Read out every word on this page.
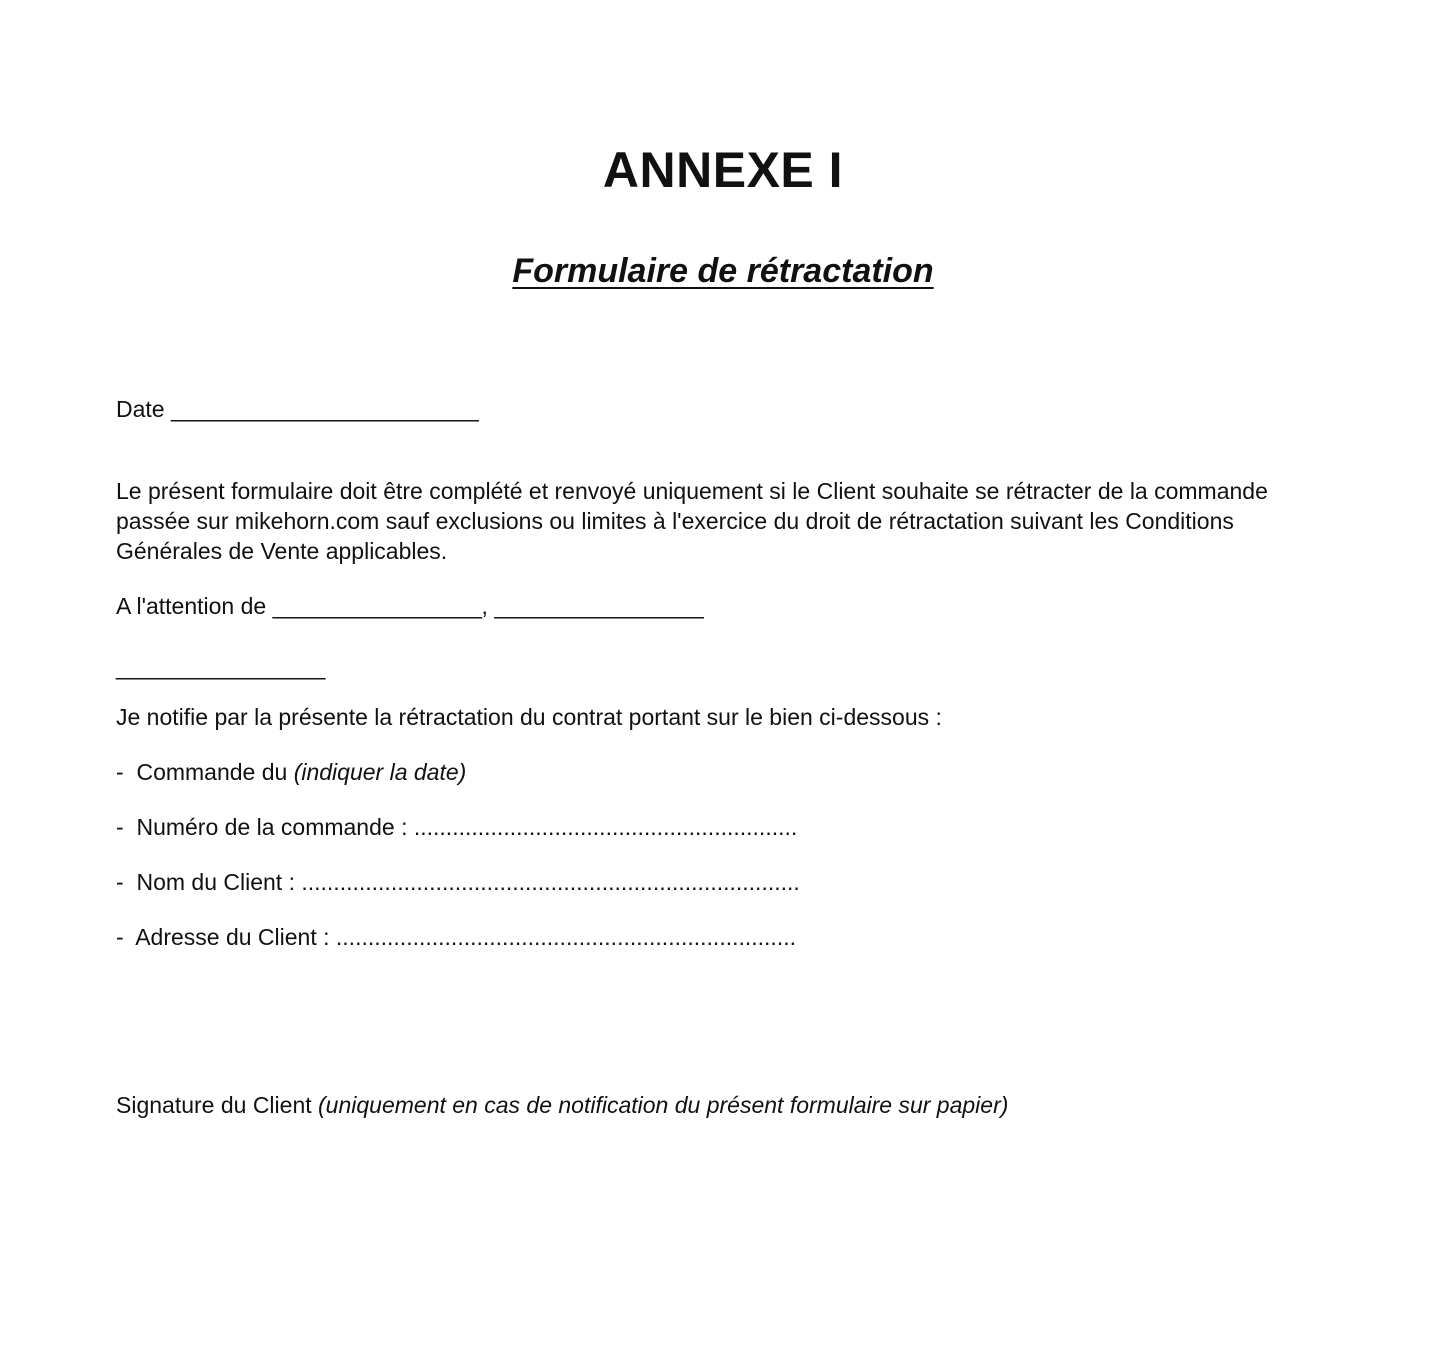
ANNEXE I
Formulaire de rétractation
Date _________________________
Le présent formulaire doit être complété et renvoyé uniquement si le Client souhaite se rétracter de la commande passée sur mikehorn.com sauf exclusions ou limites à l'exercice du droit de rétractation suivant les Conditions Générales de Vente applicables.
A l'attention de _________________, _________________
_________________
Je notifie par la présente la rétractation du contrat portant sur le bien ci-dessous :
- Commande du (indiquer la date)
- Numéro de la commande : ............................................................
- Nom du Client : ..............................................................................
- Adresse du Client : ........................................................................
Signature du Client (uniquement en cas de notification du présent formulaire sur papier)
